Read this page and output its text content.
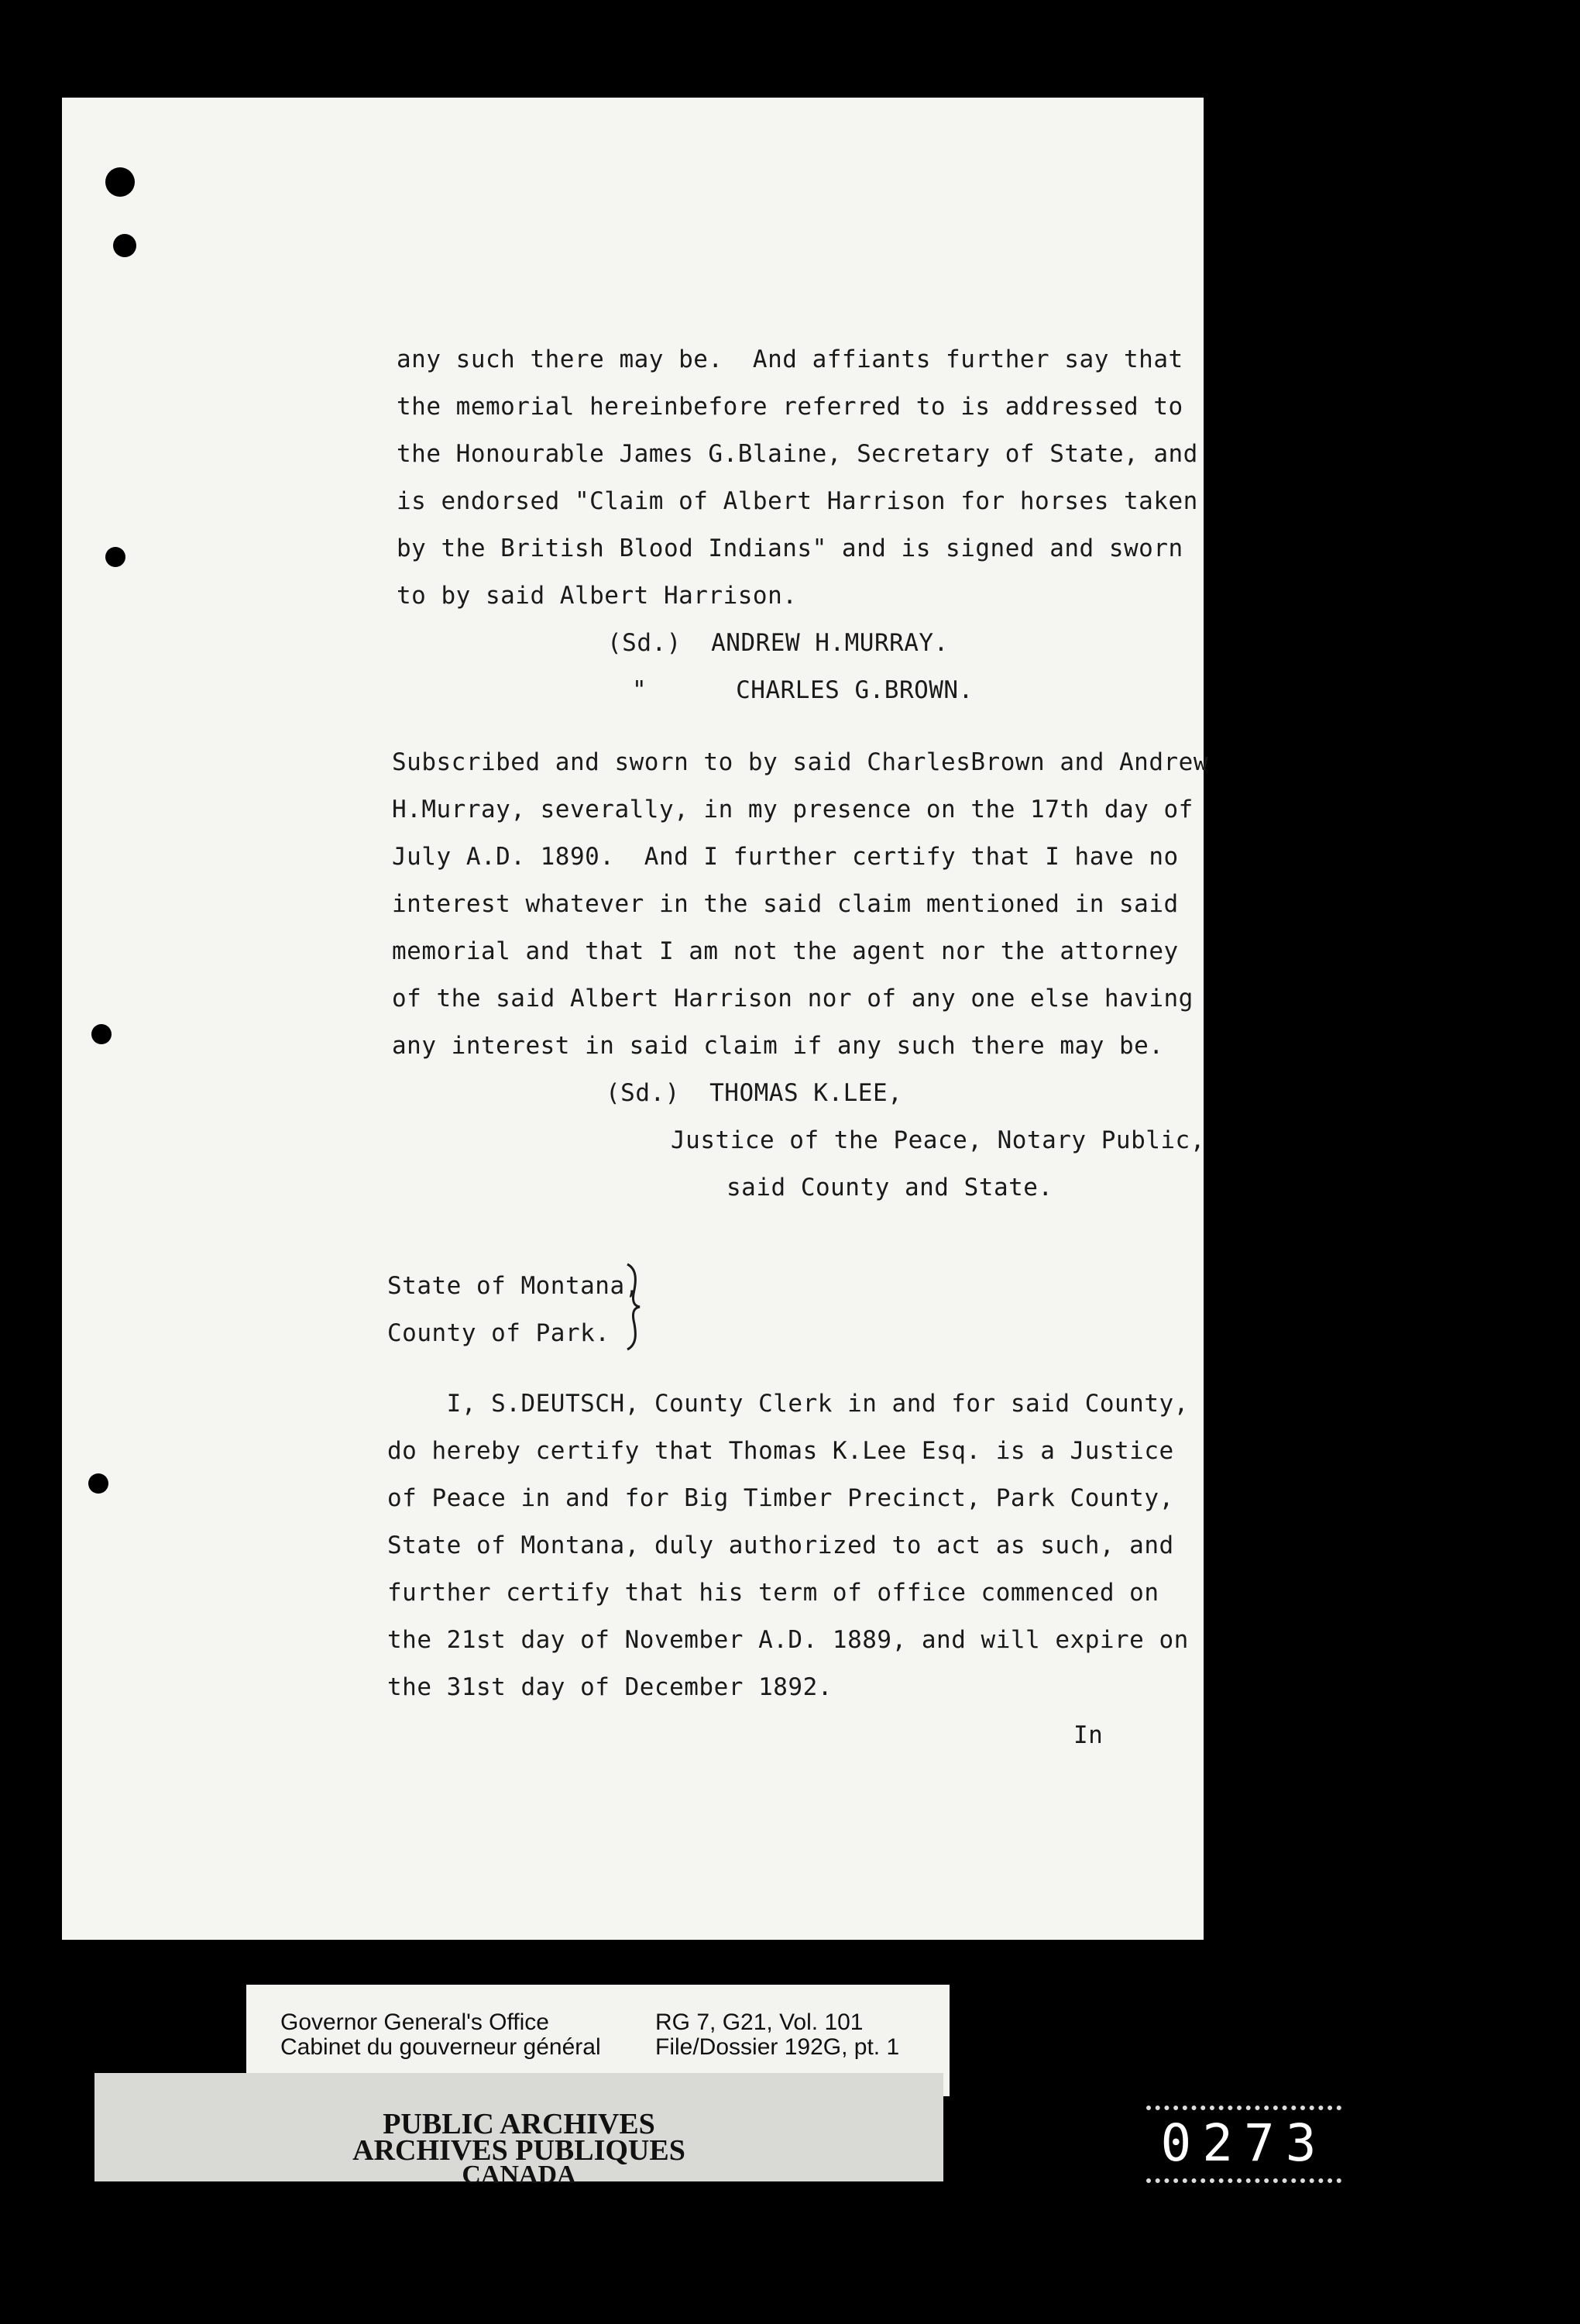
any such there may be.  And affiants further say that
the memorial hereinbefore referred to is addressed to
the Honourable James G.Blaine, Secretary of State, and
is endorsed "Claim of Albert Harrison for horses taken
by the British Blood Indians" and is signed and sworn
to by said Albert Harrison.
(Sd.)  ANDREW H.MURRAY.
"      CHARLES G.BROWN.
Subscribed and sworn to by said CharlesBrown and Andrew
H.Murray, severally, in my presence on the 17th day of
July A.D. 1890.  And I further certify that I have no
interest whatever in the said claim mentioned in said
memorial and that I am not the agent nor the attorney
of the said Albert Harrison nor of any one else having
any interest in said claim if any such there may be.
(Sd.)  THOMAS K.LEE,
Justice of the Peace, Notary Public,
said County and State.
State of Montana,
County of Park.
I, S.DEUTSCH, County Clerk in and for said County,
do hereby certify that Thomas K.Lee Esq. is a Justice
of Peace in and for Big Timber Precinct, Park County,
State of Montana, duly authorized to act as such, and
further certify that his term of office commenced on
the 21st day of November A.D. 1889, and will expire on
the 31st day of December 1892.
In
Governor General's Office
Cabinet du gouverneur général
RG 7, G21, Vol. 101
File/Dossier 192G, pt. 1
PUBLIC ARCHIVES
ARCHIVES PUBLIQUES
CANADA
0273
